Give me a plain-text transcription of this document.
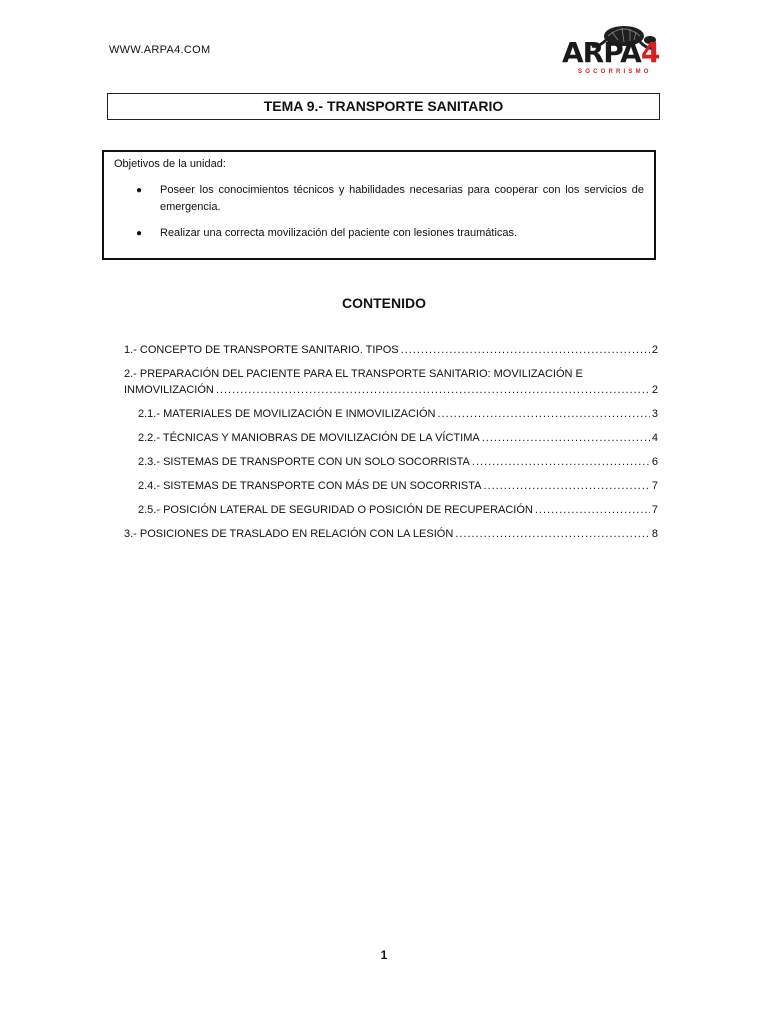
WWW.ARPA4.COM	ARPA4
SOCORRISMO
TEMA 9.- TRANSPORTE SANITARIO

Objetivos de la unidad:

● Poseer los conocimientos técnicos y habilidades necesarias para cooperar con los servicios de emergencia.
● Realizar una correcta movilización del paciente con lesiones traumáticas.
CONTENIDO
1.- CONCEPTO DE TRANSPORTE SANITARIO. TIPOS .....	2
2.- PREPARACIÓN DEL PACIENTE PARA EL TRANSPORTE SANITARIO: MOVILIZACIÓN E
INMOVILIZACIÓN .....	2
2.1.- MATERIALES DE MOVILIZACIÓN E INMOVILIZACIÓN .....	3
2.2.- TÉCNICAS Y MANIOBRAS DE MOVILIZACIÓN DE LA VÍCTIMA .....	4
2.3.- SISTEMAS DE TRANSPORTE CON UN SOLO SOCORRISTA .....	6
2.4.- SISTEMAS DE TRANSPORTE CON MÁS DE UN SOCORRISTA .....	7
2.5.- POSICIÓN LATERAL DE SEGURIDAD O POSICIÓN DE RECUPERACIÓN .....	7
3.- POSICIONES DE TRASLADO EN RELACIÓN CON LA LESIÓN .....	8
1
